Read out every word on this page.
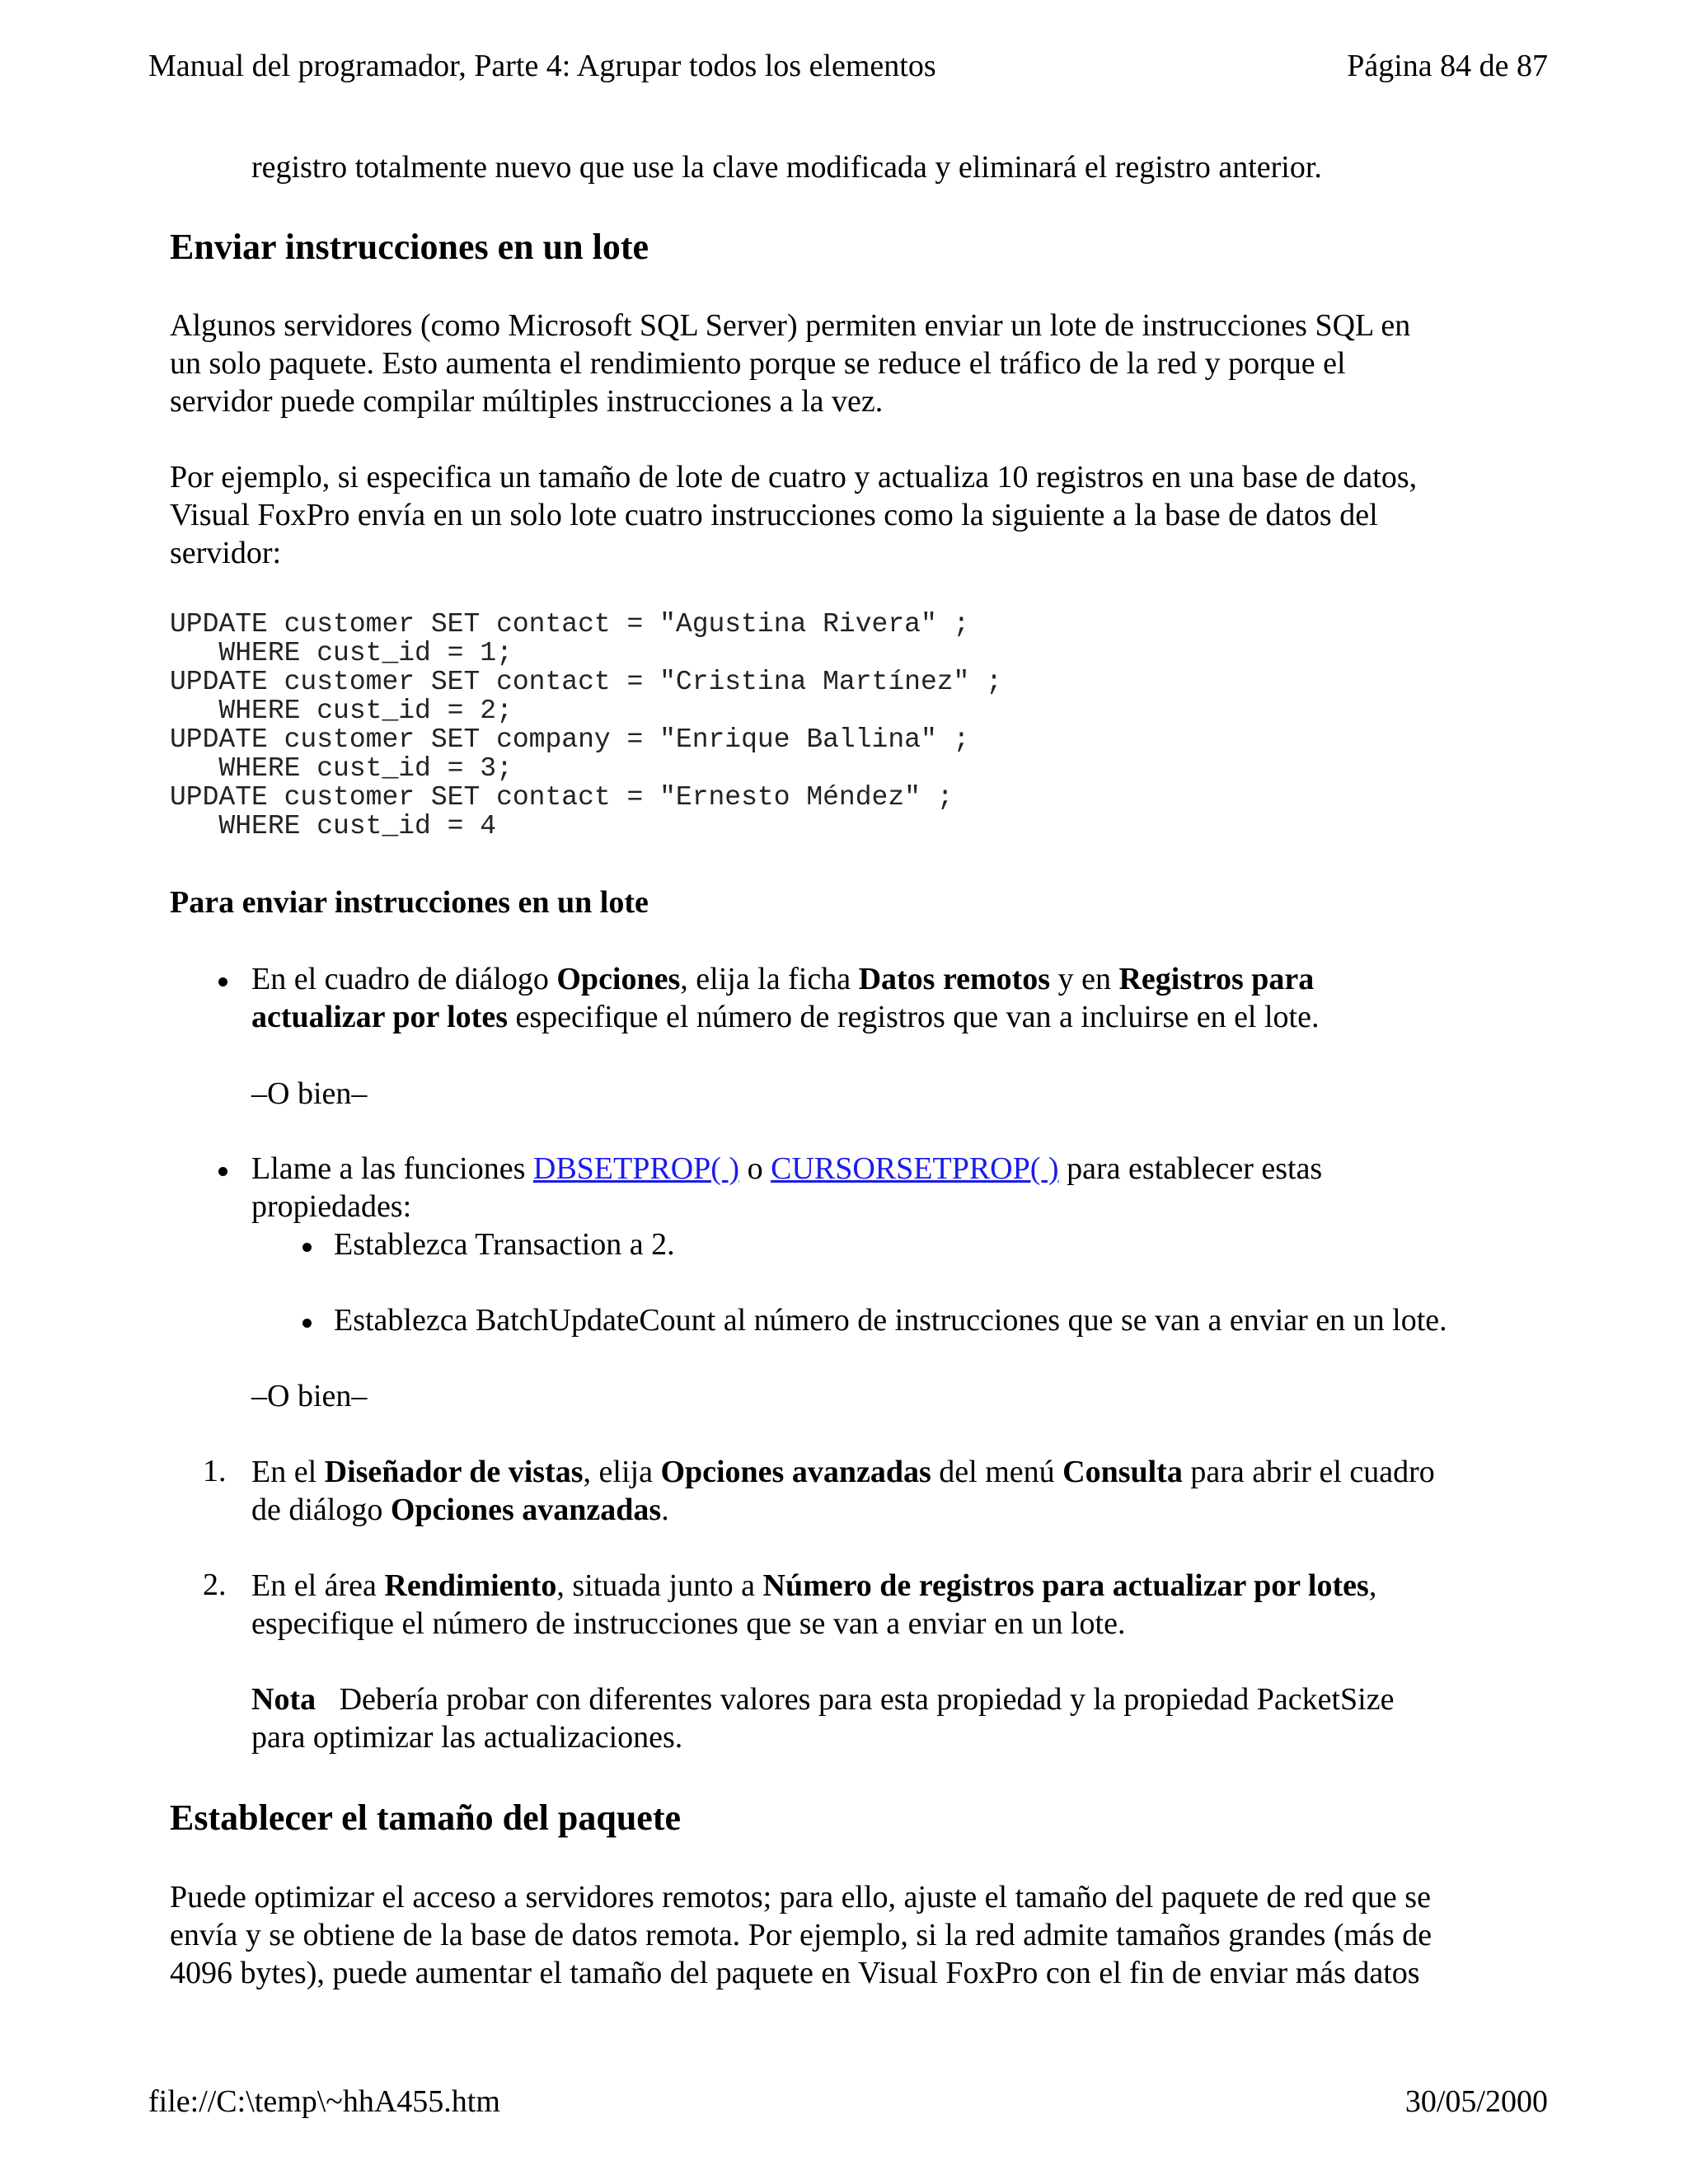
Manual del programador, Parte 4: Agrupar todos los elementos	Página 84 de 87
registro totalmente nuevo que use la clave modificada y eliminará el registro anterior.
Enviar instrucciones en un lote
Algunos servidores (como Microsoft SQL Server) permiten enviar un lote de instrucciones SQL en
un solo paquete. Esto aumenta el rendimiento porque se reduce el tráfico de la red y porque el
servidor puede compilar múltiples instrucciones a la vez.
Por ejemplo, si especifica un tamaño de lote de cuatro y actualiza 10 registros en una base de datos,
Visual FoxPro envía en un solo lote cuatro instrucciones como la siguiente a la base de datos del
servidor:
UPDATE customer SET contact = "Agustina Rivera" ;
WHERE cust_id = 1;
UPDATE customer SET contact = "Cristina Martínez" ;
WHERE cust_id = 2;
UPDATE customer SET company = "Enrique Ballina" ;
WHERE cust_id = 3;
UPDATE customer SET contact = "Ernesto Méndez" ;
WHERE cust_id = 4
Para enviar instrucciones en un lote
En el cuadro de diálogo Opciones, elija la ficha Datos remotos y en Registros para
actualizar por lotes especifique el número de registros que van a incluirse en el lote.
–O bien–
Llame a las funciones DBSETPROP( ) o CURSORSETPROP( ) para establecer estas
propiedades:
Establezca Transaction a 2.
Establezca BatchUpdateCount al número de instrucciones que se van a enviar en un lote.
–O bien–
1. En el Diseñador de vistas, elija Opciones avanzadas del menú Consulta para abrir el cuadro
de diálogo Opciones avanzadas.
2. En el área Rendimiento, situada junto a Número de registros para actualizar por lotes,
especifique el número de instrucciones que se van a enviar en un lote.
Nota   Debería probar con diferentes valores para esta propiedad y la propiedad PacketSize
para optimizar las actualizaciones.
Establecer el tamaño del paquete
Puede optimizar el acceso a servidores remotos; para ello, ajuste el tamaño del paquete de red que se
envía y se obtiene de la base de datos remota. Por ejemplo, si la red admite tamaños grandes (más de
4096 bytes), puede aumentar el tamaño del paquete en Visual FoxPro con el fin de enviar más datos
file://C:\temp\~hhA455.htm	30/05/2000
